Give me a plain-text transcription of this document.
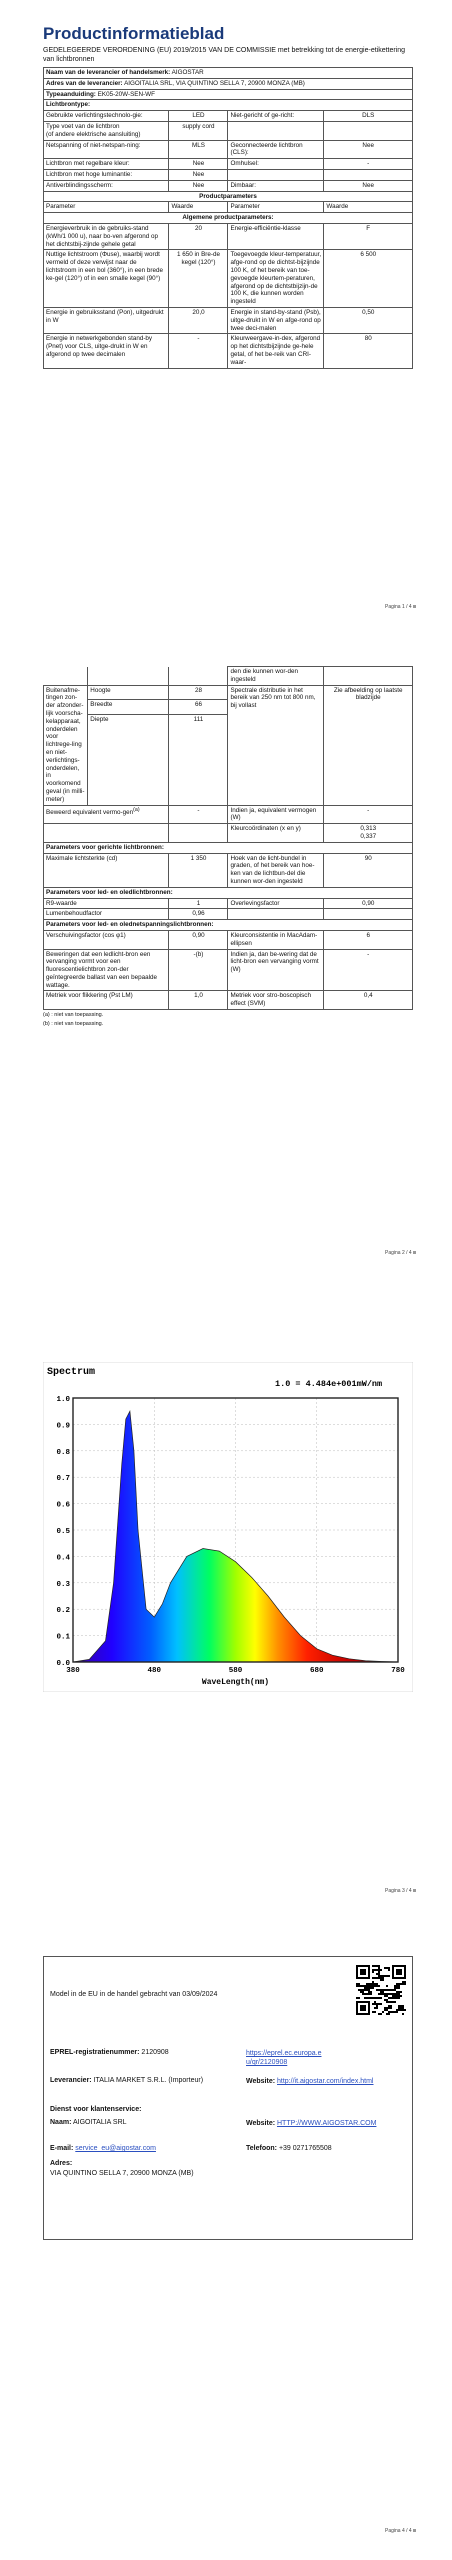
Productinformatieblad
GEDELEGEERDE VERORDENING (EU) 2019/2015 VAN DE COMMISSIE met betrekking tot de energie-etikettering van lichtbronnen
Naam van de leverancier of handelsmerk: AIGOSTAR			
Adres van de leverancier: AIGOITALIA SRL, VIA QUINTINO SELLA 7, 20900 MONZA (MB)			
Typeaanduiding: EK05-20W-SEN-WF			
Lichtbrontype:			
Gebruikte verlichtingstechnolo-gie:	LED	Niet-gericht of ge-richt:	DLS
Type voet van de lichtbron
(of andere elektrische aansluiting)	supply cord		
Netspanning of niet-netspan-ning:	MLS	Geconnecteerde lichtbron (CLS):	Nee
Lichtbron met regelbare kleur:	Nee	Omhulsel:	-
Lichtbron met hoge luminantie:	Nee		
Antiverblindingsscherm:	Nee	Dimbaar:	Nee
Productparameters			
Parameter	Waarde	Parameter	Waarde
Algemene productparameters:			
Energieverbruik in de gebruiks-stand (kWh/1 000 u), naar bo-ven afgerond op het dichtstbij-zijnde gehele getal	20	Energie-efficiëntie-klasse	F
Nuttige lichtstroom (Φuse), waarbij wordt vermeld of deze verwijst naar de lichtstroom in een bol (360°), in een brede ke-gel (120°) of in een smalle kegel (90°)	1 650 in Bre-de kegel (120°)	Toegevoegde kleur-temperatuur, afge-rond op de dichtst-bijzijnde 100 K, of het bereik van toe-gevoegde kleurtem-peraturen, afgerond op de dichtstbijzijn-de 100 K, die kunnen worden ingesteld	6 500
Energie in gebruiksstand (Pon), uitgedrukt in W	20,0	Energie in stand-by-stand (Psb), uitge-drukt in W en afge-rond op twee deci-malen	0,50
Energie in netwerkgebonden stand-by (Pnet) voor CLS, uitge-drukt in W en afgerond op twee decimalen	-	Kleurweergave-in-dex, afgerond op het dichtstbijzijnde ge-hele getal, of het be-reik van CRI-waar-	80
Pagina 1 / 4
			den die kunnen wor-den ingesteld	
Buitenafme-tingen zon-der afzonder-lijk voorscha-kelapparaat, onderdelen voor lichtrege-ling en niet-verlichtings-onderdelen, in voorkomend geval (in milli-meter)	Hoogte	28	Spectrale distributie in het bereik van 250 nm tot 800 nm, bij vollast	Zie afbeelding op laatste bladzijde
	Breedte	66		
	Diepte	111		
Beweerd equivalent vermo-gen$^{(a)}$		-	Indien ja, equivalent vermogen (W)	-
			Kleurcoördinaten (x en y)	0,313
0,337

Parameters voor gerichte lichtbronnen:				
Maximale lichtsterkte (cd)		1 350	Hoek van de licht-bundel in graden, of het bereik van hoe-ken van de lichtbun-del die kunnen wor-den ingesteld	90
Parameters voor led- en oledlichtbronnen:				
R9-waarde		1	Overlevingsfactor	0,90
Lumenbehoudfactor		0,96		
Parameters voor led- en olednetspanningslichtbronnen:				
Verschuivingsfactor (cos φ1)		0,90	Kleurconsistentie in MacAdam-ellipsen	6
Beweringen dat een ledlicht-bron een vervanging vormt voor een fluorescentielichtbron zon-der geïntegreerde ballast van een bepaalde wattage.		-(b)	Indien ja, dan be-wering dat de licht-bron een vervanging vormt (W)	-
Metriek voor flikkering (Pst LM)		1,0	Metriek voor stro-boscopisch effect (SVM)	0,4
(a) : niet van toepassing.
(b) : niet van toepassing.
Pagina 2 / 4
Spectrum
1.0 = 4.484e+001mW/nm
0.0
0.1
0.2
0.3
0.4
0.5
0.6
0.7
0.8
0.9
1.0
380	480	580	680	780
WaveLength(nm)
Pagina 3 / 4
Model in de EU in de handel gebracht van 03/09/2024
EPREL-registratienummer: 2120908	https://eprel.ec.europa.eu/qr/2120908
Leverancier: ITALIA MARKET S.R.L. (Importeur)	Website: http://it.aigostar.com/index.html
Dienst voor klantenservice:
Naam: AIGOITALIA SRL	Website: HTTP://WWW.AIGOSTAR.COM
E-mail: service_eu@aigostar.com	Telefoon: +39 0271765508
Adres:
VIA QUINTINO SELLA 7, 20900 MONZA (MB)
Pagina 4 / 4
